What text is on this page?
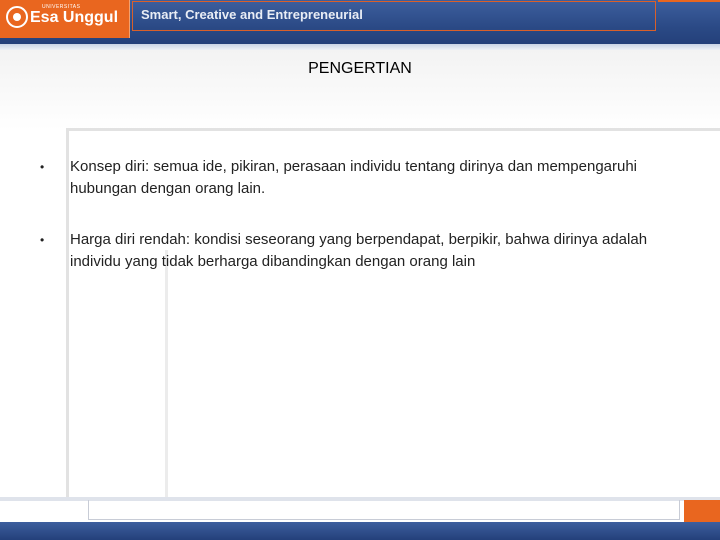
UNIVERSITAS
Esa Unggul Smart, Creative and Entrepreneurial
PENGERTIAN
• Konsep diri: semua ide, pikiran, perasaan individu tentang dirinya dan mempengaruhi hubungan dengan orang lain.
• Harga diri rendah: kondisi seseorang yang berpendapat, berpikir, bahwa dirinya adalah individu yang tidak berharga dibandingkan dengan orang lain
